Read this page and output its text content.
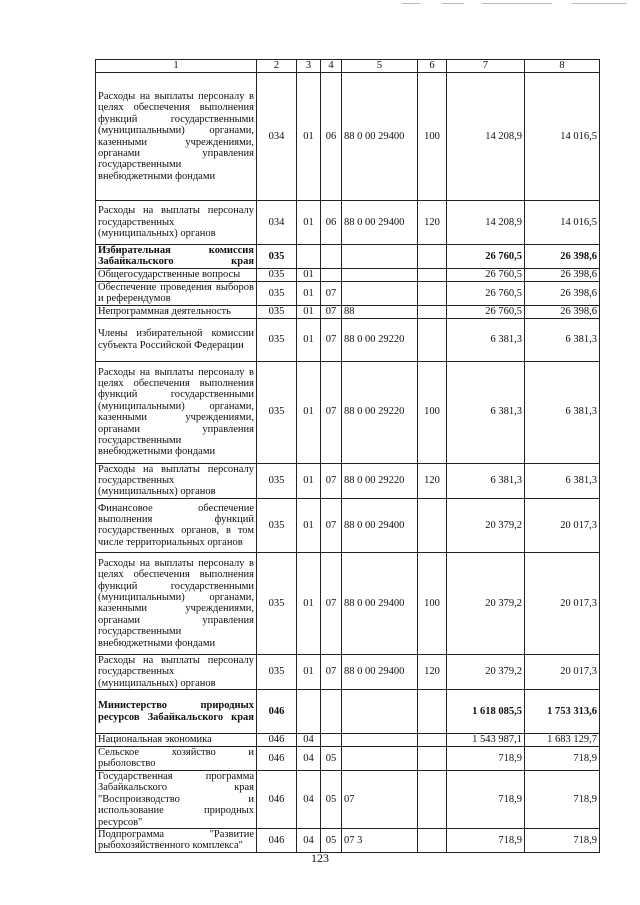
1	2	3	4	5	6	7	8
Расходы на выплаты персоналу в целях обеспечения выполнения функций государственными (муниципальными) органами, казенными учреждениями, органами управления государственными внебюджетными фондами	034	01	06	88 0 00 29400	100	14 208,9	14 016,5
Расходы на выплаты персоналу государственных (муниципальных) органов	034	01	06	88 0 00 29400	120	14 208,9	14 016,5
Избирательная комиссия Забайкальского края	035					26 760,5	26 398,6
Общегосударственные вопросы	035	01				26 760,5	26 398,6
Обеспечение проведения выборов и референдумов	035	01	07			26 760,5	26 398,6
Непрограммная деятельность	035	01	07	88		26 760,5	26 398,6
Члены избирательной комиссии субъекта Российской Федерации	035	01	07	88 0 00 29220		6 381,3	6 381,3
Расходы на выплаты персоналу в целях обеспечения выполнения функций государственными (муниципальными) органами, казенными учреждениями, органами управления государственными внебюджетными фондами	035	01	07	88 0 00 29220	100	6 381,3	6 381,3
Расходы на выплаты персоналу государственных (муниципальных) органов	035	01	07	88 0 00 29220	120	6 381,3	6 381,3
Финансовое обеспечение выполнения функций государственных органов, в том числе территориальных органов	035	01	07	88 0 00 29400		20 379,2	20 017,3
Расходы на выплаты персоналу в целях обеспечения выполнения функций государственными (муниципальными) органами, казенными учреждениями, органами управления государственными внебюджетными фондами	035	01	07	88 0 00 29400	100	20 379,2	20 017,3
Расходы на выплаты персоналу государственных (муниципальных) органов	035	01	07	88 0 00 29400	120	20 379,2	20 017,3
Министерство природных ресурсов Забайкальского края	046					1 618 085,5	1 753 313,6
Национальная экономика	046	04				1 543 987,1	1 683 129,7
Сельское хозяйство и рыболовство	046	04	05			718,9	718,9
Государственная программа Забайкальского края "Воспроизводство и использование природных ресурсов"	046	04	05	07		718,9	718,9
Подпрограмма "Развитие рыбохозяйственного комплекса"	046	04	05	07 3		718,9	718,9
123
